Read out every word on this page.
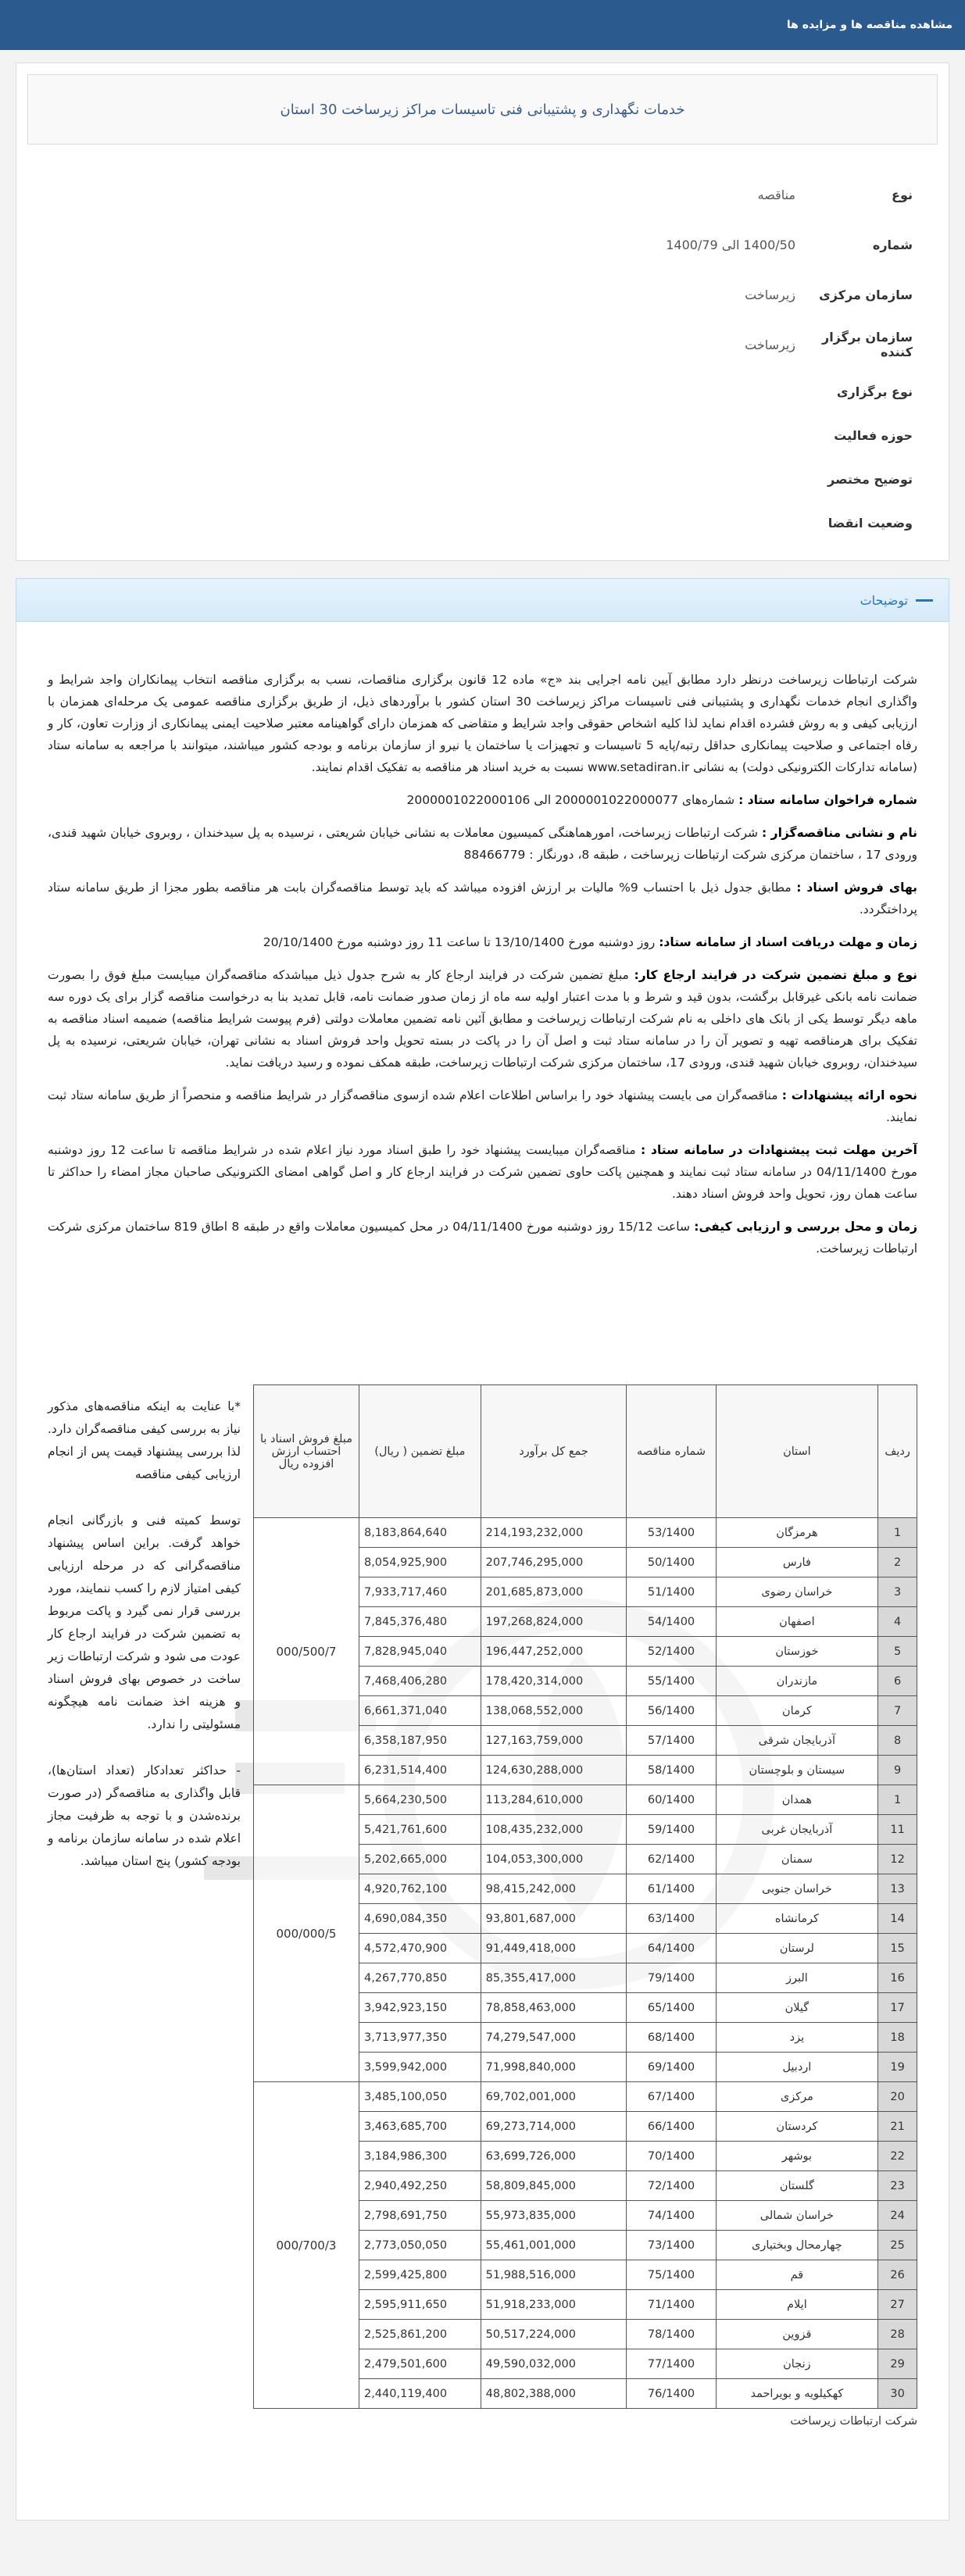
مشاهده مناقصه ها و مزایده ها
خدمات نگهداری و پشتیبانی فنی تاسیسات مراکز زیرساخت 30 استان
نوع
مناقصه
شماره
1400/50 الی 1400/79
سازمان مرکزی
زیرساخت
سازمان برگزار کننده
زیرساخت
نوع برگزاری
حوزه فعالیت
توضیح مختصر
وضعیت انقضا
توضیحات

شرکت ارتباطات زیرساخت درنظر دارد مطابق آیین نامه اجرایی بند «ج» ماده 12 قانون برگزاری مناقصات، نسب به برگزاری مناقصه انتخاب پیمانکاران واجد شرایط و واگذاری انجام خدمات نگهداری و پشتیبانی فنی تاسیسات مراکز زیرساخت 30 استان کشور با برآوردهای ذیل، از طریق برگزاری مناقصه عمومی یک مرحله‌ای همزمان با ارزیابی کیفی و به روش فشرده اقدام نماید لذا کلیه اشخاص حقوقی واجد شرایط و متقاضی که همزمان دارای گواهینامه معتبر صلاحیت ایمنی پیمانکاری از وزارت تعاون، کار و رفاه اجتماعی و صلاحیت پیمانکاری حداقل رتبه/پایه 5 تاسیسات و تجهیزات یا ساختمان یا نیرو از سازمان برنامه و بودجه کشور میباشند، میتوانند با مراجعه به سامانه ستاد (سامانه تدارکات الکترونیکی دولت) به نشانی www.setadiran.ir نسبت به خرید اسناد هر مناقصه به تفکیک اقدام نمایند.

شماره فراخوان سامانه ستاد : شماره‌های 2000001022000077 الی 2000001022000106

نام و نشانی مناقصه‌گزار : شرکت ارتباطات زیرساخت، امورهماهنگی کمیسیون معاملات به نشانی خیابان شریعتی ، نرسیده به پل سیدخندان ، روبروی خیابان شهید قندی، ورودی 17 ، ساختمان مرکزی شرکت ارتباطات زیرساخت ، طبقه 8، دورنگار : 88466779

بهای فروش اسناد : مطابق جدول ذیل با احتساب 9% مالیات بر ارزش افزوده میباشد که باید توسط مناقصه‌گران بابت هر مناقصه بطور مجزا از طریق سامانه ستاد پرداختگردد.

زمان و مهلت دریافت اسناد از سامانه ستاد: روز دوشنبه مورخ 13/10/1400 تا ساعت 11 روز دوشنبه مورخ 20/10/1400

نوع و مبلغ تضمین شرکت در فرایند ارجاع کار: مبلغ تضمین شرکت در فرایند ارجاع کار به شرح جدول ذیل میباشدکه مناقصه‌گران میبایست مبلغ فوق را بصورت ضمانت نامه بانکی غیرقابل برگشت، بدون قید و شرط و با مدت اعتبار اولیه سه ماه از زمان صدور ضمانت نامه، قابل تمدید بنا به درخواست مناقصه گزار برای یک دوره سه ماهه دیگر توسط یکی از بانک های داخلی به نام شرکت ارتباطات زیرساخت و مطابق آئین نامه تضمین معاملات دولتی (فرم پیوست شرایط مناقصه) ضمیمه اسناد مناقصه به تفکیک برای هرمناقصه تهیه و تصویر آن را در سامانه ستاد ثبت و اصل آن را در پاکت در بسته تحویل واحد فروش اسناد به نشانی تهران، خیابان شریعتی، نرسیده به پل سیدخندان، روبروی خیابان شهید قندی، ورودی 17، ساختمان مرکزی شرکت ارتباطات زیرساخت، طبقه همکف نموده و رسید دریافت نماید.

نحوه ارائه پیشنهادات : مناقصه‌گران می بایست پیشنهاد خود را براساس اطلاعات اعلام شده ازسوی مناقصه‌گزار در شرایط مناقصه و منحصراً از طریق سامانه ستاد ثبت نمایند.

آخرین مهلت ثبت پیشنهادات در سامانه ستاد : مناقصه‌گران میبایست پیشنهاد خود را طبق اسناد مورد نیاز اعلام شده در شرایط مناقصه تا ساعت 12 روز دوشنبه مورخ 04/11/1400 در سامانه ستاد ثبت نمایند و همچنین پاکت حاوی تضمین شرکت در فرایند ارجاع کار و اصل گواهی امضای الکترونیکی صاحبان مجاز امضاء را حداکثر تا ساعت همان روز، تحویل واحد فروش اسناد دهند.

زمان و محل بررسی و ارزیابی کیفی: ساعت 15/12 روز دوشنبه مورخ 04/11/1400 در محل کمیسیون معاملات واقع در طبقه 8 اطاق 819 ساختمان مرکزی شرکت ارتباطات زیرساخت.

ردیف	استان	شماره مناقصه	جمع کل برآورد	مبلغ تضمین ( ریال)	مبلغ فروش اسناد با احتساب ارزش افزوده ریال
1	هرمزگان	53/1400	214,193,232,000	8,183,864,640	000/500/7
2	فارس	50/1400	207,746,295,000	8,054,925,900	
3	خراسان رضوی	51/1400	201,685,873,000	7,933,717,460	
4	اصفهان	54/1400	197,268,824,000	7,845,376,480	
5	خوزستان	52/1400	196,447,252,000	7,828,945,040	
6	مازندران	55/1400	178,420,314,000	7,468,406,280	
7	کرمان	56/1400	138,068,552,000	6,661,371,040	
8	آذربایجان شرقی	57/1400	127,163,759,000	6,358,187,950	
9	سیستان و بلوچستان	58/1400	124,630,288,000	6,231,514,400	
1	همدان	60/1400	113,284,610,000	5,664,230,500	000/000/5
11	آذربایجان غربی	59/1400	108,435,232,000	5,421,761,600	
12	سمنان	62/1400	104,053,300,000	5,202,665,000	
13	خراسان جنوبی	61/1400	98,415,242,000	4,920,762,100	
14	کرمانشاه	63/1400	93,801,687,000	4,690,084,350	
15	لرستان	64/1400	91,449,418,000	4,572,470,900	
16	البرز	79/1400	85,355,417,000	4,267,770,850	
17	گیلان	65/1400	78,858,463,000	3,942,923,150	
18	یزد	68/1400	74,279,547,000	3,713,977,350	
19	اردبیل	69/1400	71,998,840,000	3,599,942,000	
20	مرکزی	67/1400	69,702,001,000	3,485,100,050	000/700/3
21	کردستان	66/1400	69,273,714,000	3,463,685,700	
22	بوشهر	70/1400	63,699,726,000	3,184,986,300	
23	گلستان	72/1400	58,809,845,000	2,940,492,250	
24	خراسان شمالی	74/1400	55,973,835,000	2,798,691,750	
25	چهارمحال وبختیاری	73/1400	55,461,001,000	2,773,050,050	
26	قم	75/1400	51,988,516,000	2,599,425,800	
27	ایلام	71/1400	51,918,233,000	2,595,911,650	
28	قزوین	78/1400	50,517,224,000	2,525,861,200	
29	زنجان	77/1400	49,590,032,000	2,479,501,600	
30	کهکیلویه و بویراحمد	76/1400	48,802,388,000	2,440,119,400	
شرکت ارتباطات زیرساخت

*با عنایت به اینکه مناقصه‌های مذکور نیاز به بررسی کیفی مناقصه‌گران دارد. لذا بررسی پیشنهاد قیمت پس از انجام ارزیابی کیفی مناقصه

توسط کمیته فنی و بازرگانی انجام خواهد گرفت. براین اساس پیشنهاد مناقصه‌گرانی که در مرحله ارزیابی کیفی امتیاز لازم را کسب ننمایند، مورد بررسی قرار نمی گیرد و پاکت مربوط به تضمین شرکت در فرایند ارجاع کار عودت می شود و شرکت ارتباطات زیر ساخت در خصوص بهای فروش اسناد و هزینه اخذ ضمانت نامه هیچگونه مسئولیتی را ندارد.

- حداکثر تعدادکار (تعداد استان‌ها)، قابل واگذاری به مناقصه‌گر (در صورت برنده‌شدن و با توجه به ظرفیت مجاز اعلام شده در سامانه سازمان برنامه و بودجه کشور) پنج استان میباشد.
